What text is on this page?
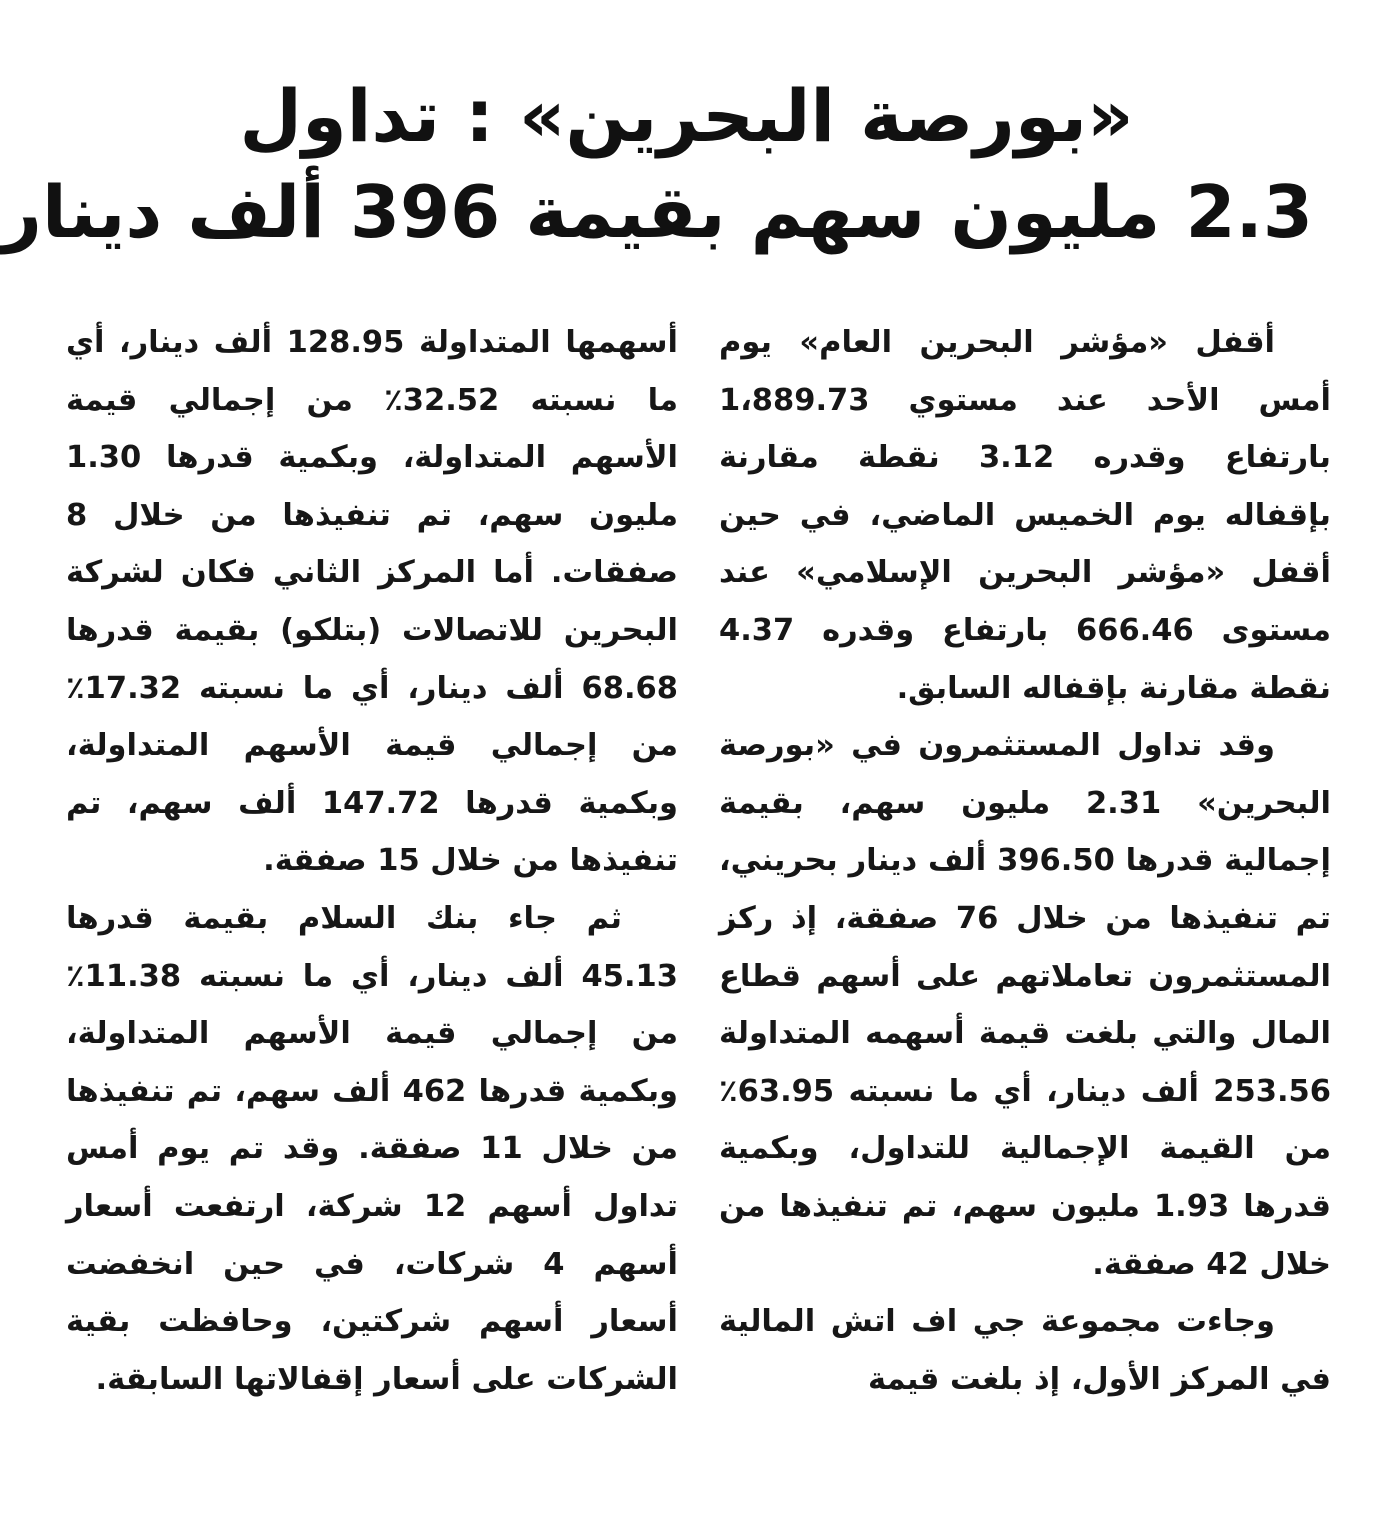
«بورصة البحرين» : تداول
2.3 مليون سهم بقيمة 396 ألف دينار

أقفل «مؤشر البحرين العام» يوم أمس الأحد عند مستوي 1،889.73 بارتفاع وقدره 3.12 نقطة مقارنة بإقفاله يوم الخميس الماضي، في حين أقفل «مؤشر البحرين الإسلامي» عند مستوى 666.46 بارتفاع وقدره 4.37 نقطة مقارنة بإقفاله السابق.

وقد تداول المستثمرون في «بورصة البحرين» 2.31 مليون سهم، بقيمة إجمالية قدرها 396.50 ألف دينار بحريني، تم تنفيذها من خلال 76 صفقة، إذ ركز المستثمرون تعاملاتهم على أسهم قطاع المال والتي بلغت قيمة أسهمه المتداولة 253.56 ألف دينار، أي ما نسبته 63.95٪ من القيمة الإجمالية للتداول، وبكمية قدرها 1.93 مليون سهم، تم تنفيذها من خلال 42 صفقة.

وجاءت مجموعة جي اف اتش المالية في المركز الأول، إذ بلغت قيمة

أسهمها المتداولة 128.95 ألف دينار، أي ما نسبته 32.52٪ من إجمالي قيمة الأسهم المتداولة، وبكمية قدرها 1.30 مليون سهم، تم تنفيذها من خلال 8 صفقات. أما المركز الثاني فكان لشركة البحرين للاتصالات (بتلكو) بقيمة قدرها 68.68 ألف دينار، أي ما نسبته 17.32٪ من إجمالي قيمة الأسهم المتداولة، وبكمية قدرها 147.72 ألف سهم، تم تنفيذها من خلال 15 صفقة.

ثم جاء بنك السلام بقيمة قدرها 45.13 ألف دينار، أي ما نسبته 11.38٪ من إجمالي قيمة الأسهم المتداولة، وبكمية قدرها 462 ألف سهم، تم تنفيذها من خلال 11 صفقة. وقد تم يوم أمس تداول أسهم 12 شركة، ارتفعت أسعار أسهم 4 شركات، في حين انخفضت أسعار أسهم شركتين، وحافظت بقية الشركات على أسعار إقفالاتها السابقة.
